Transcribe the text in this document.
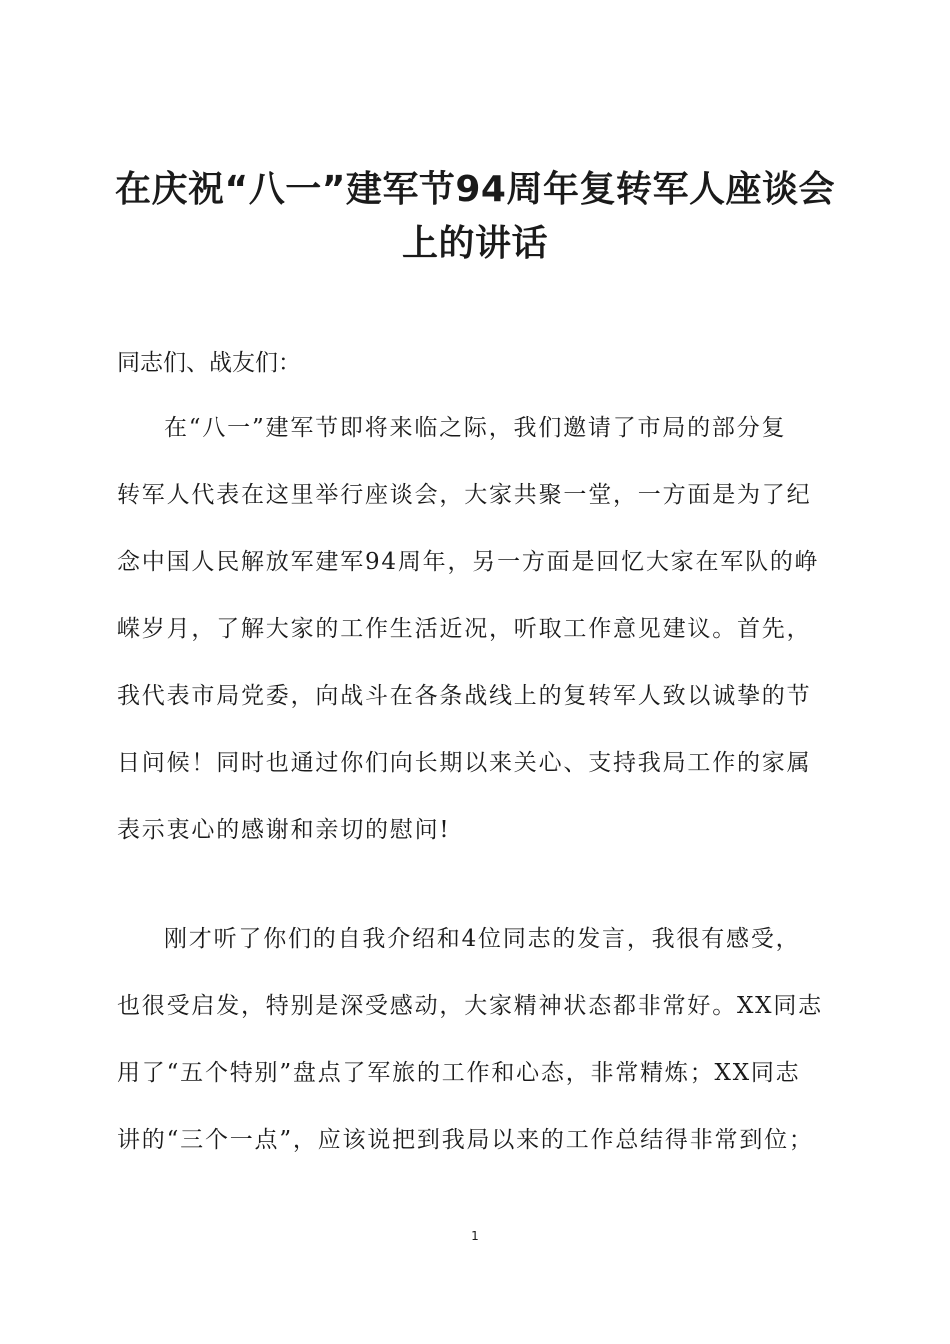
在庆祝“八一”建军节94周年复转军人座谈会
上的讲话
同志们、战友们：
在“八一”建军节即将来临之际，我们邀请了市局的部分复
转军人代表在这里举行座谈会，大家共聚一堂，一方面是为了纪
念中国人民解放军建军94周年，另一方面是回忆大家在军队的峥
嵘岁月，了解大家的工作生活近况，听取工作意见建议。首先，
我代表市局党委，向战斗在各条战线上的复转军人致以诚挚的节
日问候！同时也通过你们向长期以来关心、支持我局工作的家属
表示衷心的感谢和亲切的慰问!
刚才听了你们的自我介绍和4位同志的发言，我很有感受，
也很受启发，特别是深受感动，大家精神状态都非常好。XX同志
用了“五个特别”盘点了军旅的工作和心态，非常精炼；XX同志
讲的“三个一点”，应该说把到我局以来的工作总结得非常到位；
1
